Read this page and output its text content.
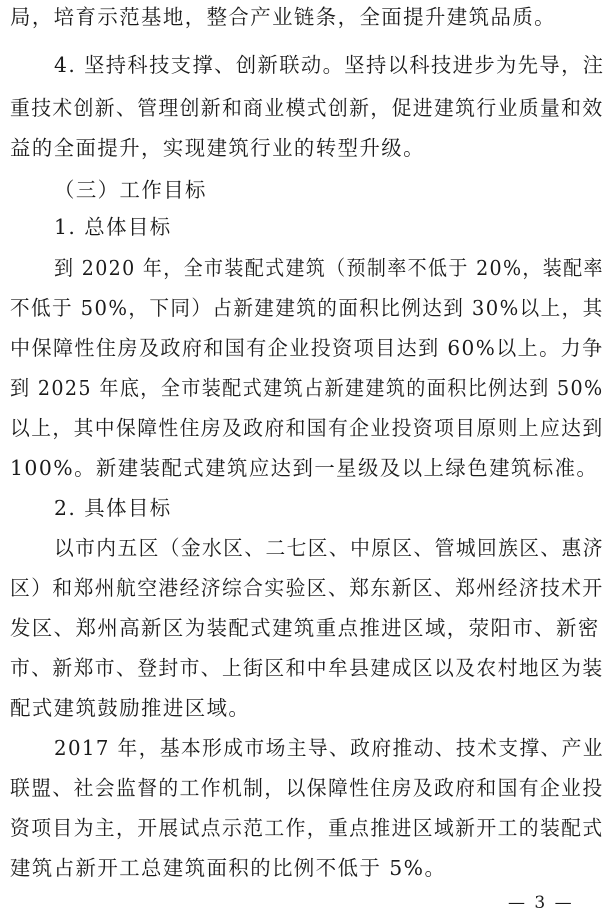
局，培育示范基地，整合产业链条，全面提升建筑品质。
4. 坚持科技支撑、创新联动。坚持以科技进步为先导，注
重技术创新、管理创新和商业模式创新，促进建筑行业质量和效
益的全面提升，实现建筑行业的转型升级。
（三）工作目标
1. 总体目标
到 2020 年，全市装配式建筑（预制率不低于 20%，装配率
不低于 50%，下同）占新建建筑的面积比例达到 30%以上，其
中保障性住房及政府和国有企业投资项目达到 60%以上。力争
到 2025 年底，全市装配式建筑占新建建筑的面积比例达到 50%
以上，其中保障性住房及政府和国有企业投资项目原则上应达到
100%。新建装配式建筑应达到一星级及以上绿色建筑标准。
2. 具体目标
以市内五区（金水区、二七区、中原区、管城回族区、惠济
区）和郑州航空港经济综合实验区、郑东新区、郑州经济技术开
发区、郑州高新区为装配式建筑重点推进区域，荥阳市、新密
市、新郑市、登封市、上街区和中牟县建成区以及农村地区为装
配式建筑鼓励推进区域。
2017 年，基本形成市场主导、政府推动、技术支撑、产业
联盟、社会监督的工作机制，以保障性住房及政府和国有企业投
资项目为主，开展试点示范工作，重点推进区域新开工的装配式
建筑占新开工总建筑面积的比例不低于 5%。
— 3 —
